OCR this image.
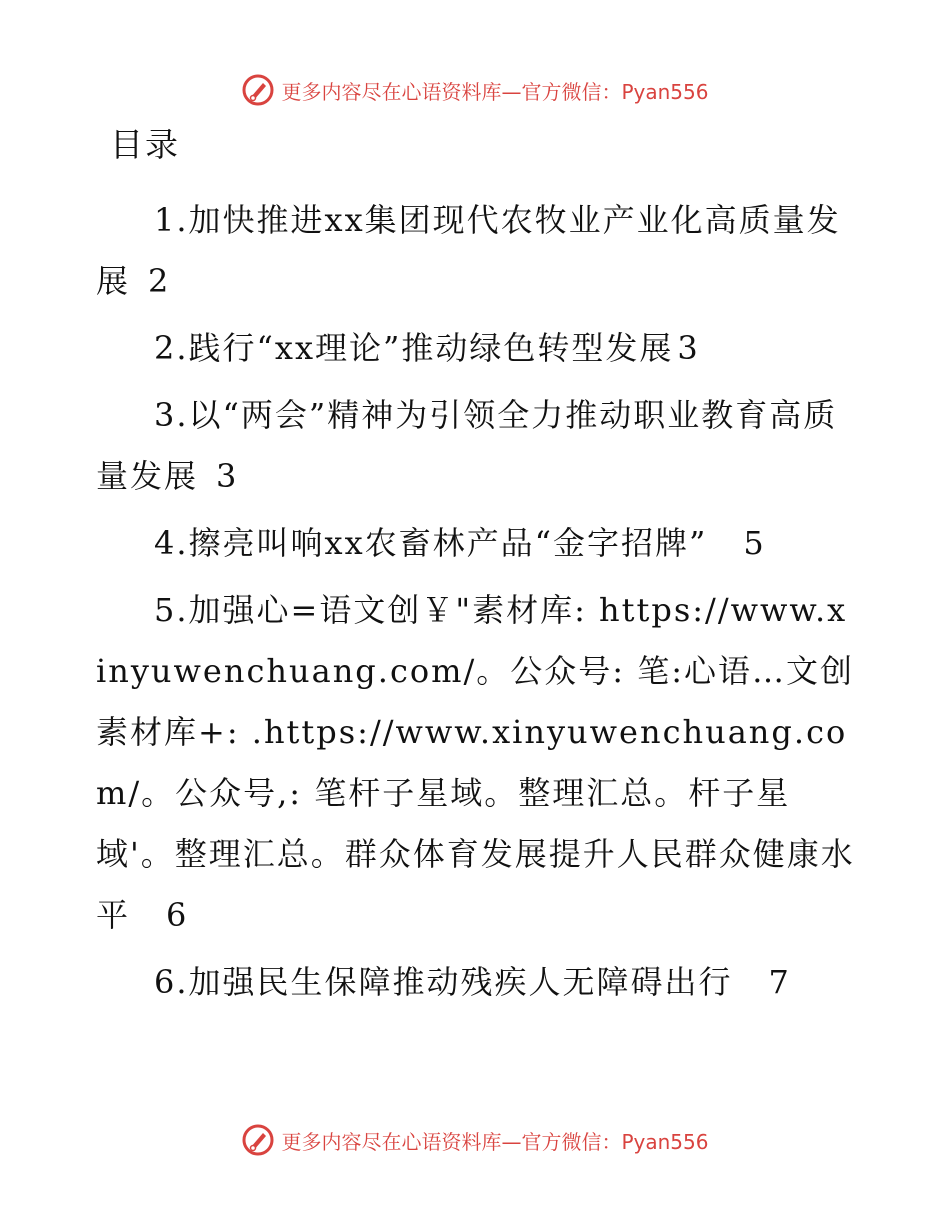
更多内容尽在心语资料库—官方微信：Pyan556
目录

1.加快推进xx集团现代农牧业产业化高质量发展 2

2.践行“xx理论”推动绿色转型发展 3

3.以“两会”精神为引领全力推动职业教育高质量发展 3

4.擦亮叫响xx农畜林产品“金字招牌” 5

5.加强心=语文创￥"素材库: https://www.xinyuwenchuang.com/。公众号: 笔:心语…文创素材库+: .https://www.xinyuwenchuang.com/。公众号,: 笔杆子星域。整理汇总。杆子星域'。整理汇总。群众体育发展提升人民群众健康水平 6

6.加强民生保障推动残疾人无障碍出行 7

更多内容尽在心语资料库—官方微信：Pyan556
